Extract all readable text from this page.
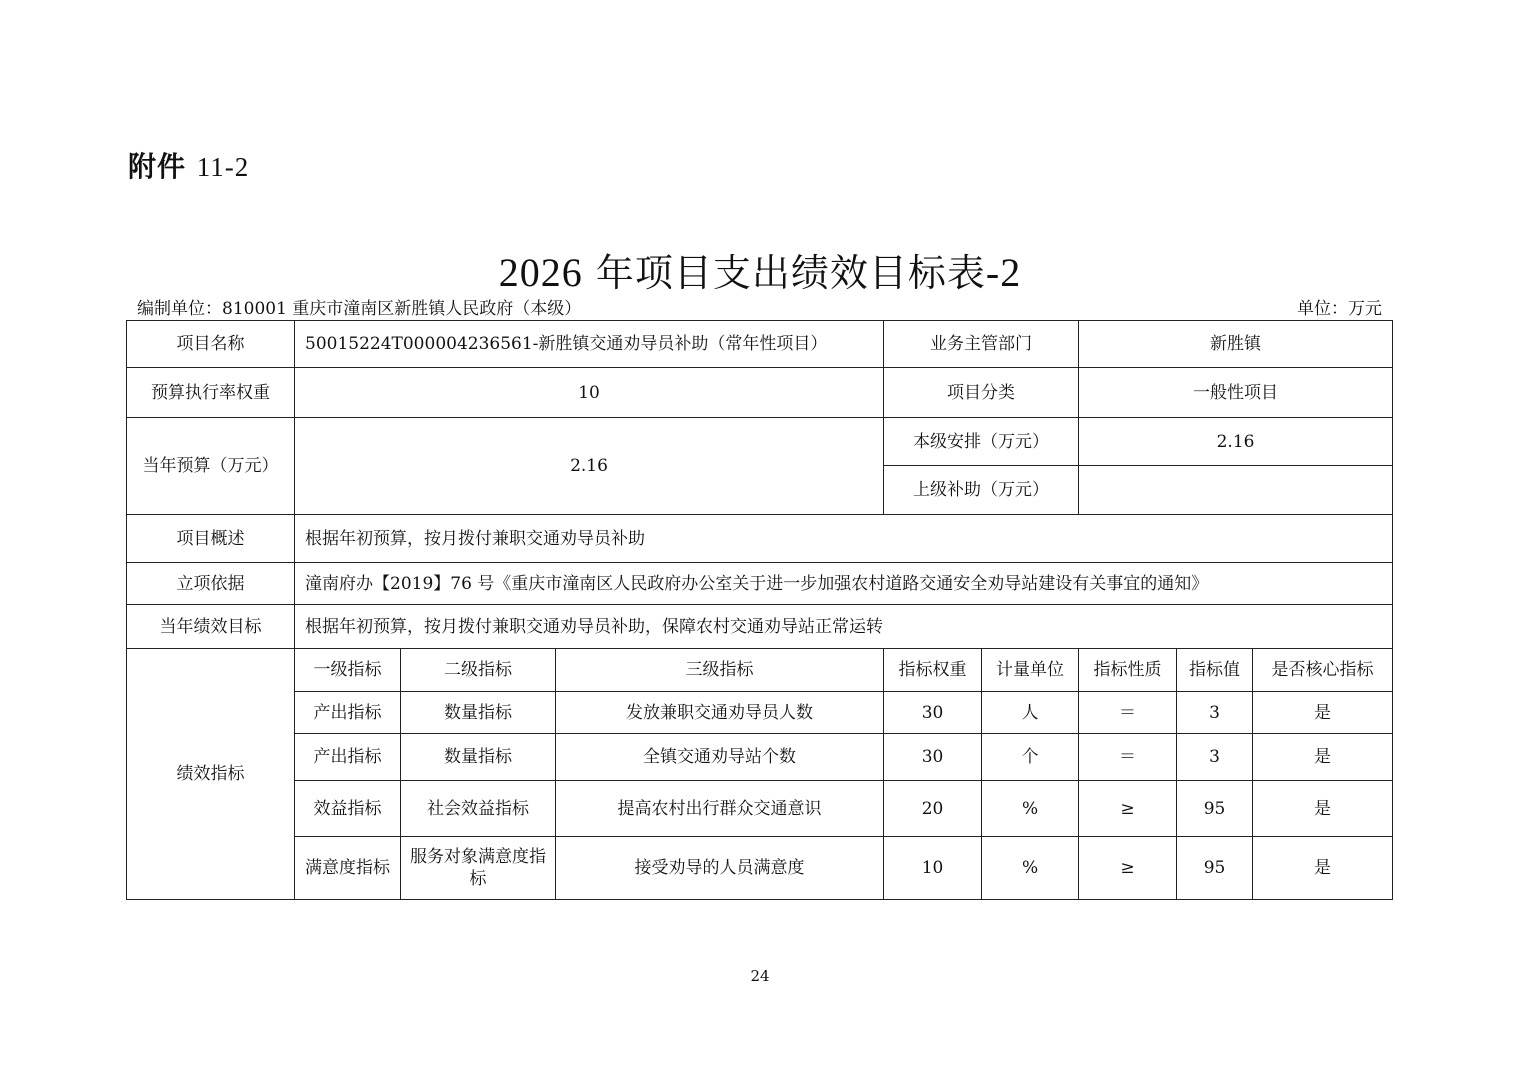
附件 11-2
2026 年项目支出绩效目标表-2
编制单位：810001 重庆市潼南区新胜镇人民政府（本级）	单位：万元
项目名称	50015224T000004236561-新胜镇交通劝导员补助（常年性项目）			业务主管部门		新胜镇		
预算执行率权重	10			项目分类		一般性项目		
当年预算（万元）	2.16			本级安排（万元）		2.16		
				上级补助（万元）				
项目概述	根据年初预算，按月拨付兼职交通劝导员补助							
立项依据	潼南府办【2019】76 号《重庆市潼南区人民政府办公室关于进一步加强农村道路交通安全劝导站建设有关事宜的通知》							
当年绩效目标	根据年初预算，按月拨付兼职交通劝导员补助，保障农村交通劝导站正常运转							
绩效指标	一级指标	二级指标	三级指标	指标权重	计量单位	指标性质	指标值	是否核心指标
	产出指标	数量指标	发放兼职交通劝导员人数	30	人	＝	3	是
	产出指标	数量指标	全镇交通劝导站个数	30	个	＝	3	是
	效益指标	社会效益指标	提高农村出行群众交通意识	20	%	≥	95	是
	满意度指标	服务对象满意度指标	接受劝导的人员满意度	10	%	≥	95	是
24
